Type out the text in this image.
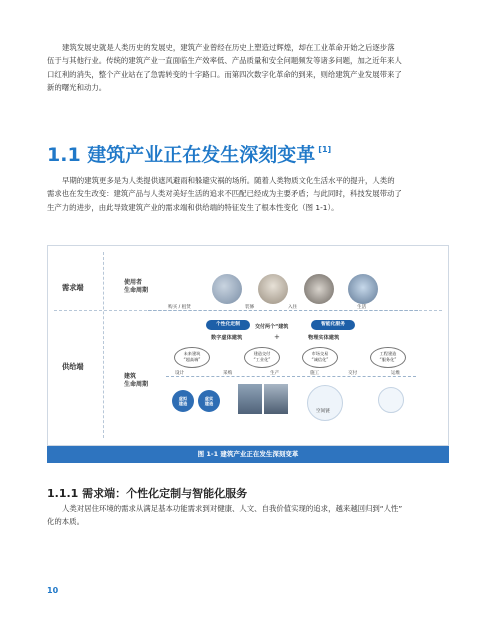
建筑发展史就是人类历史的发展史，建筑产业曾经在历史上塑造过辉煌，却在工业革命开始之后逐步落
伍于与其他行业。传统的建筑产业一直面临生产效率低、产品质量和安全问题频发等诸多问题，加之近年来人
口红利的消失，整个产业站在了急需转变的十字路口。而第四次数字化革命的到来，则给建筑产业发展带来了
新的曙光和动力。
1.1 建筑产业正在发生深刻变革 [1]
早期的建筑更多是为人类提供遮风避雨和躲避灾祸的场所。随着人类物质文化生活水平的提升，人类的
需求也在发生改变：建筑产品与人类对美好生活的追求不匹配已经成为主要矛盾；与此同时，科技发展带动了
生产力的进步，由此导致建筑产业的需求端和供给端的特征发生了根本性变化（图 1-1）。
需求端
供给端
使用者
生命周期
建筑
生命周期
购买 / 租赁	装修	入住	生活
个性化定制	交付两个“建筑	智能化服务
数字虚体建筑	+	物理实体建筑
未来建筑
“超高端”
建造交付
“工业化”
市场交易
“诚信化”
工程建造
“服务化”
设计	采购	生产	施工	交付	运维
虚拟
建造
虚实
建造
空间链
图 1-1 建筑产业正在发生深刻变革
1.1.1 需求端：个性化定制与智能化服务
人类对居住环境的需求从满足基本功能需求到对健康、人文、自我价值实现的追求，越来越回归到“人性”
化的本质。
10
